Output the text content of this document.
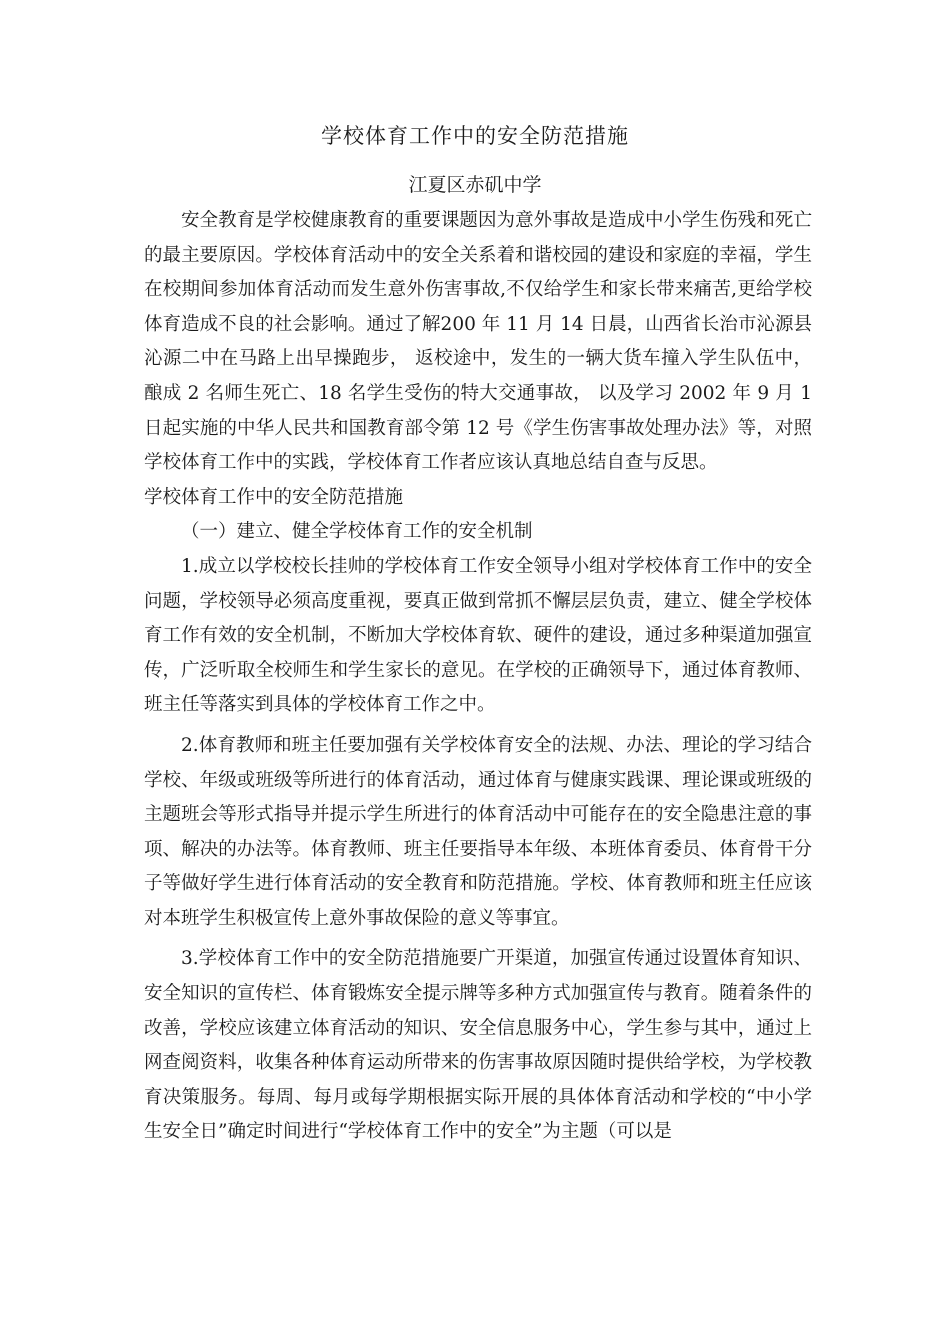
学校体育工作中的安全防范措施
江夏区赤矶中学

安全教育是学校健康教育的重要课题因为意外事故是造成中小学生伤残和死亡的最主要原因。学校体育活动中的安全关系着和谐校园的建设和家庭的幸福，学生在校期间参加体育活动而发生意外伤害事故,不仅给学生和家长带来痛苦,更给学校体育造成不良的社会影响。通过了解200 年 11 月 14 日晨，山西省长治市沁源县沁源二中在马路上出早操跑步， 返校途中，发生的一辆大货车撞入学生队伍中，酿成 2 名师生死亡、18 名学生受伤的特大交通事故， 以及学习 2002 年 9 月 1 日起实施的中华人民共和国教育部令第 12 号《学生伤害事故处理办法》等，对照学校体育工作中的实践，学校体育工作者应该认真地总结自查与反思。

学校体育工作中的安全防范措施

（一）建立、健全学校体育工作的安全机制

1.成立以学校校长挂帅的学校体育工作安全领导小组对学校体育工作中的安全问题，学校领导必须高度重视，要真正做到常抓不懈层层负责，建立、健全学校体育工作有效的安全机制，不断加大学校体育软、硬件的建设，通过多种渠道加强宣传，广泛听取全校师生和学生家长的意见。在学校的正确领导下，通过体育教师、班主任等落实到具体的学校体育工作之中。

2.体育教师和班主任要加强有关学校体育安全的法规、办法、理论的学习结合学校、年级或班级等所进行的体育活动，通过体育与健康实践课、理论课或班级的主题班会等形式指导并提示学生所进行的体育活动中可能存在的安全隐患注意的事项、解决的办法等。体育教师、班主任要指导本年级、本班体育委员、体育骨干分子等做好学生进行体育活动的安全教育和防范措施。学校、体育教师和班主任应该对本班学生积极宣传上意外事故保险的意义等事宜。

3.学校体育工作中的安全防范措施要广开渠道，加强宣传通过设置体育知识、安全知识的宣传栏、体育锻炼安全提示牌等多种方式加强宣传与教育。随着条件的改善，学校应该建立体育活动的知识、安全信息服务中心，学生参与其中，通过上网查阅资料，收集各种体育运动所带来的伤害事故原因随时提供给学校，为学校教育决策服务。每周、每月或每学期根据实际开展的具体体育活动和学校的“中小学生安全日”确定时间进行“学校体育工作中的安全”为主题（可以是
